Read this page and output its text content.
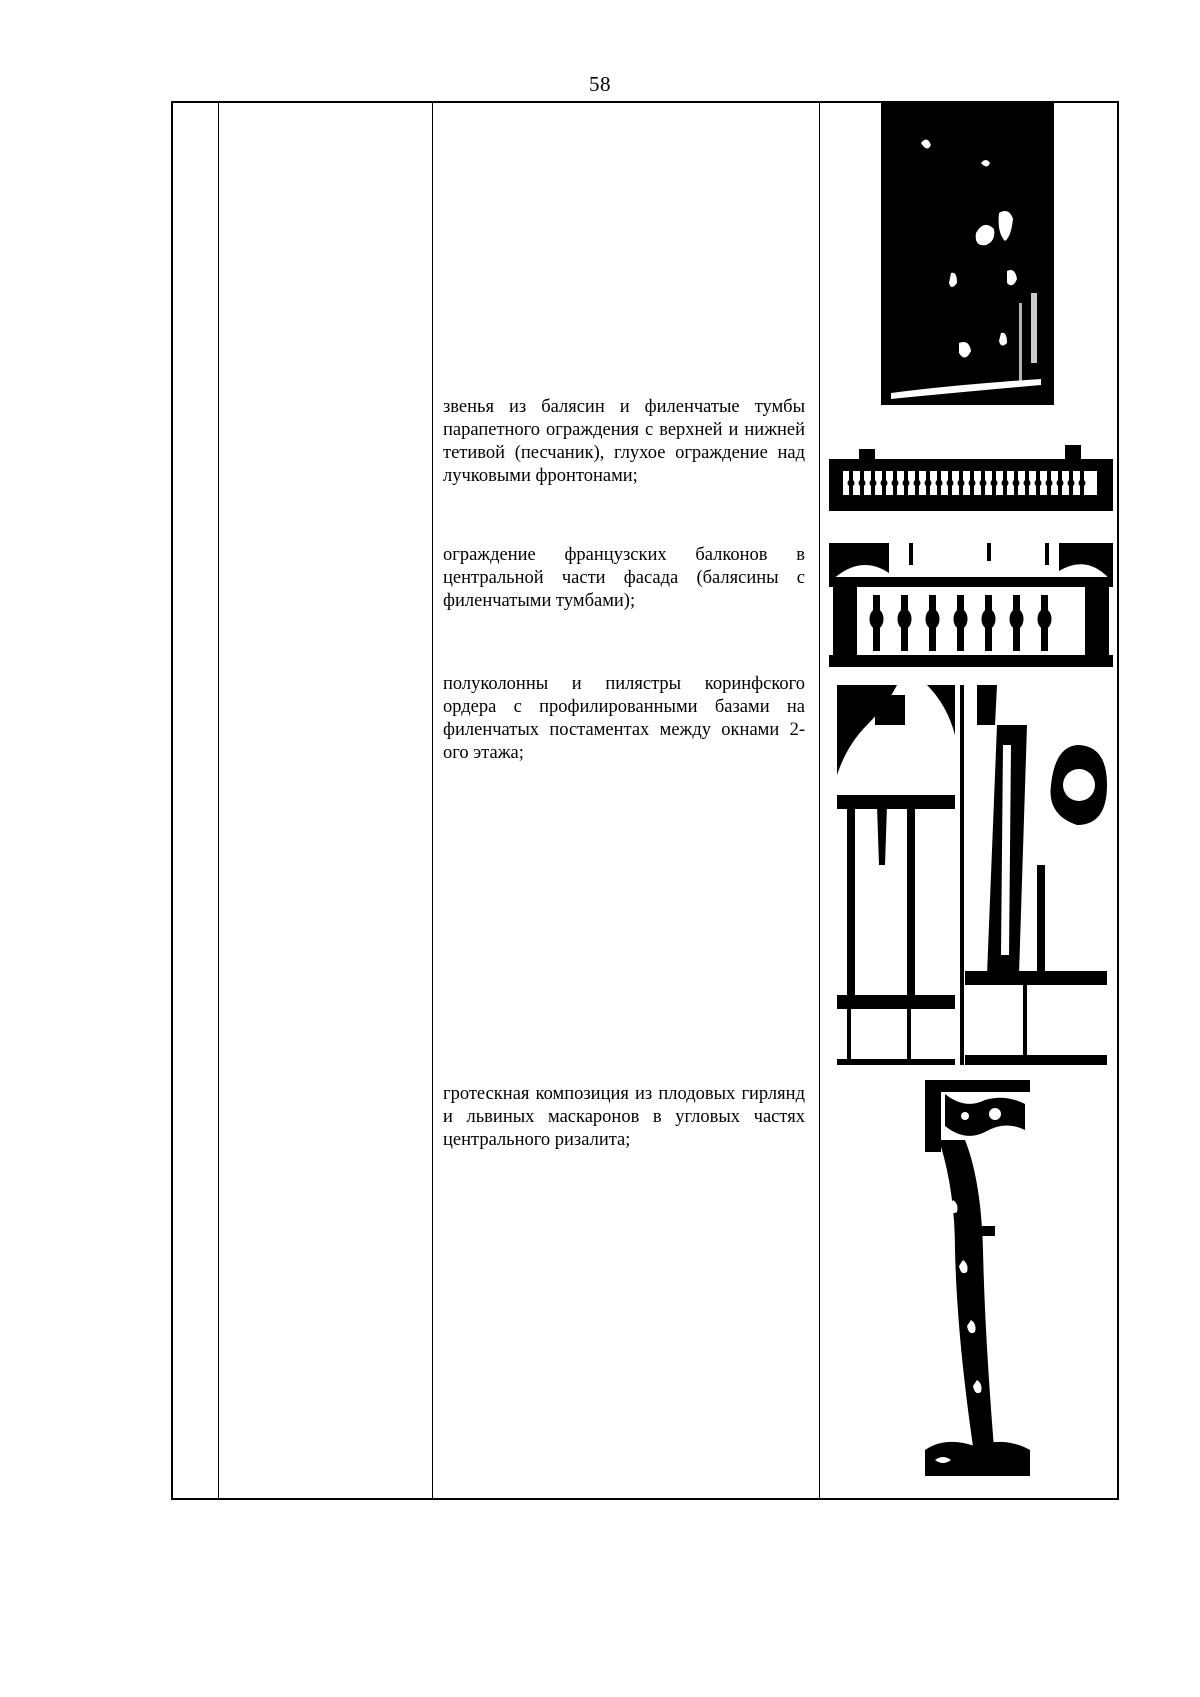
58
звенья из балясин и филенчатые тумбы парапетного ограждения с верхней и нижней тетивой (песчаник), глухое ограждение над лучковыми фронтонами;
ограждение французских балконов в центральной части фасада (балясины с филенчатыми тумбами);
полуколонны и пилястры коринфского ордера с профилированными базами на филенчатых постаментах между окнами 2-ого этажа;
гротескная композиция из плодовых гирлянд и львиных маскаронов в угловых частях центрального ризалита;
